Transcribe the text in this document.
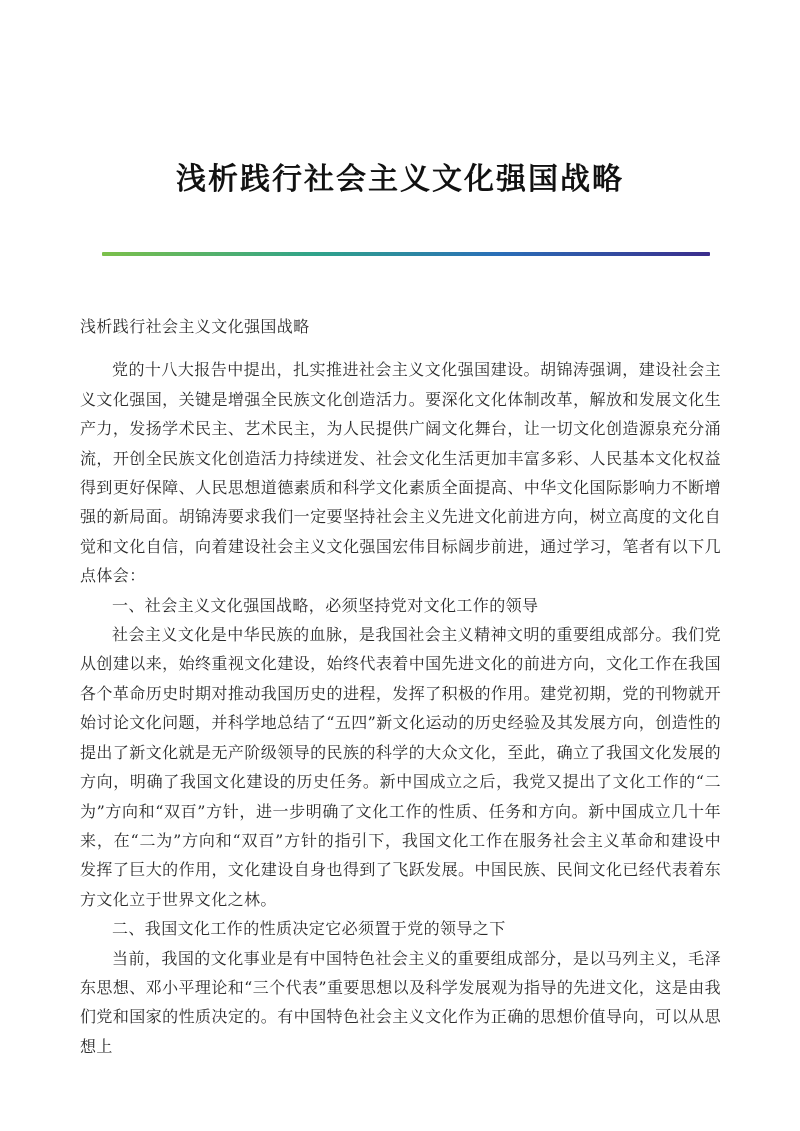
浅析践行社会主义文化强国战略

浅析践行社会主义文化强国战略

党的十八大报告中提出，扎实推进社会主义文化强国建设。胡锦涛强调，建设社会主义文化强国，关键是增强全民族文化创造活力。要深化文化体制改革，解放和发展文化生产力，发扬学术民主、艺术民主，为人民提供广阔文化舞台，让一切文化创造源泉充分涌流，开创全民族文化创造活力持续迸发、社会文化生活更加丰富多彩、人民基本文化权益得到更好保障、人民思想道德素质和科学文化素质全面提高、中华文化国际影响力不断增强的新局面。胡锦涛要求我们一定要坚持社会主义先进文化前进方向，树立高度的文化自觉和文化自信，向着建设社会主义文化强国宏伟目标阔步前进，通过学习，笔者有以下几点体会：

一、社会主义文化强国战略，必须坚持党对文化工作的领导

社会主义文化是中华民族的血脉，是我国社会主义精神文明的重要组成部分。我们党从创建以来，始终重视文化建设，始终代表着中国先进文化的前进方向，文化工作在我国各个革命历史时期对推动我国历史的进程，发挥了积极的作用。建党初期，党的刊物就开始讨论文化问题，并科学地总结了“五四”新文化运动的历史经验及其发展方向，创造性的提出了新文化就是无产阶级领导的民族的科学的大众文化，至此，确立了我国文化发展的方向，明确了我国文化建设的历史任务。新中国成立之后，我党又提出了文化工作的“二为”方向和“双百”方针，进一步明确了文化工作的性质、任务和方向。新中国成立几十年来，在“二为”方向和“双百”方针的指引下，我国文化工作在服务社会主义革命和建设中发挥了巨大的作用，文化建设自身也得到了飞跃发展。中国民族、民间文化已经代表着东方文化立于世界文化之林。

二、我国文化工作的性质决定它必须置于党的领导之下

当前，我国的文化事业是有中国特色社会主义的重要组成部分，是以马列主义，毛泽东思想、邓小平理论和“三个代表”重要思想以及科学发展观为指导的先进文化，这是由我们党和国家的性质决定的。有中国特色社会主义文化作为正确的思想价值导向，可以从思想上
